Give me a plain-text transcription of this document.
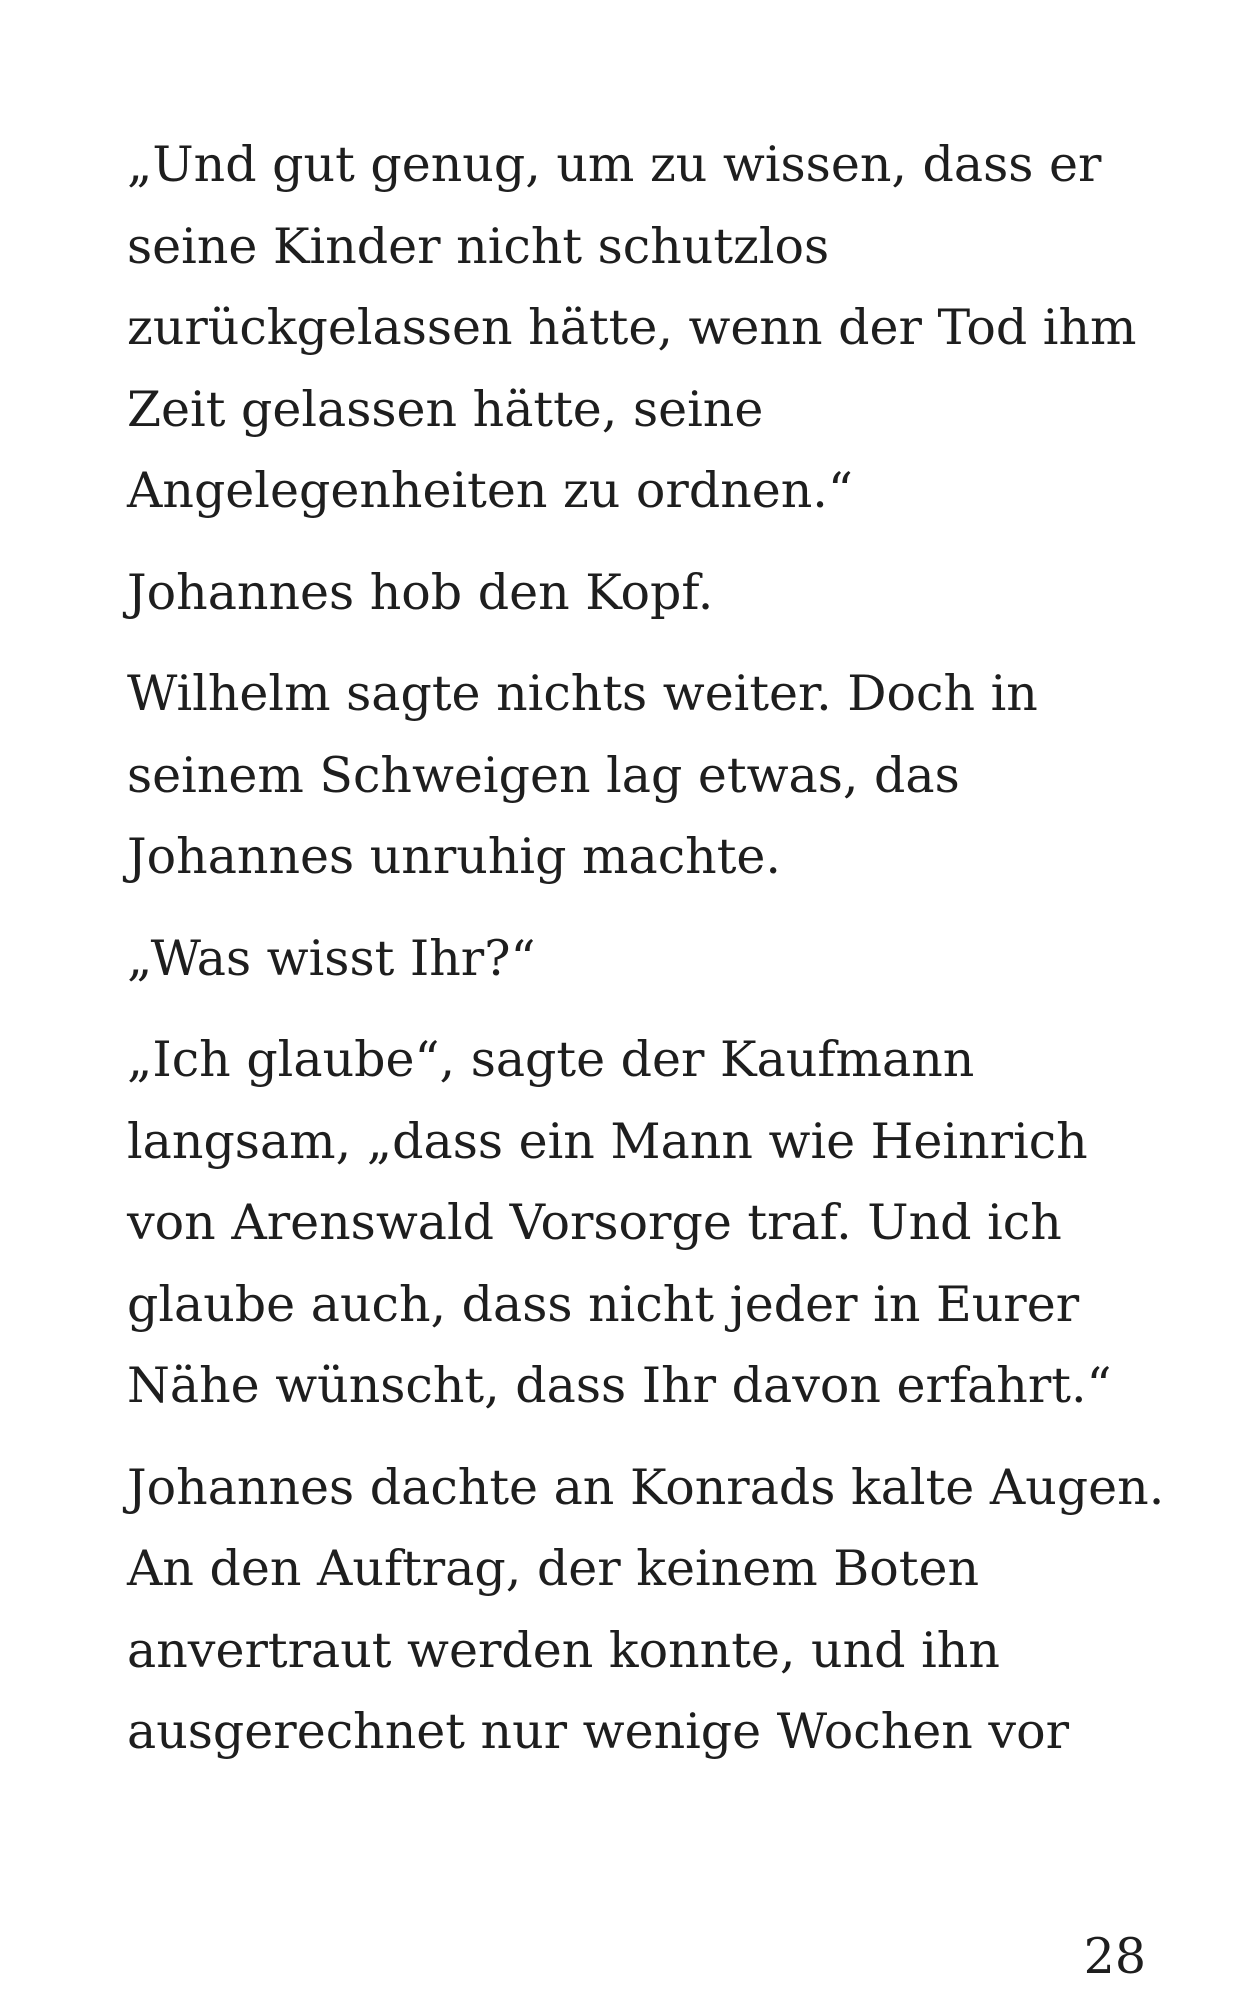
„Und gut genug, um zu wissen, dass er
seine Kinder nicht schutzlos
zurückgelassen hätte, wenn der Tod ihm
Zeit gelassen hätte, seine
Angelegenheiten zu ordnen.“

Johannes hob den Kopf.

Wilhelm sagte nichts weiter. Doch in
seinem Schweigen lag etwas, das
Johannes unruhig machte.

„Was wisst Ihr?“

„Ich glaube“, sagte der Kaufmann
langsam, „dass ein Mann wie Heinrich
von Arenswald Vorsorge traf. Und ich
glaube auch, dass nicht jeder in Eurer
Nähe wünscht, dass Ihr davon erfahrt.“

Johannes dachte an Konrads kalte Augen.
An den Auftrag, der keinem Boten
anvertraut werden konnte, und ihn
ausgerechnet nur wenige Wochen vor

28
